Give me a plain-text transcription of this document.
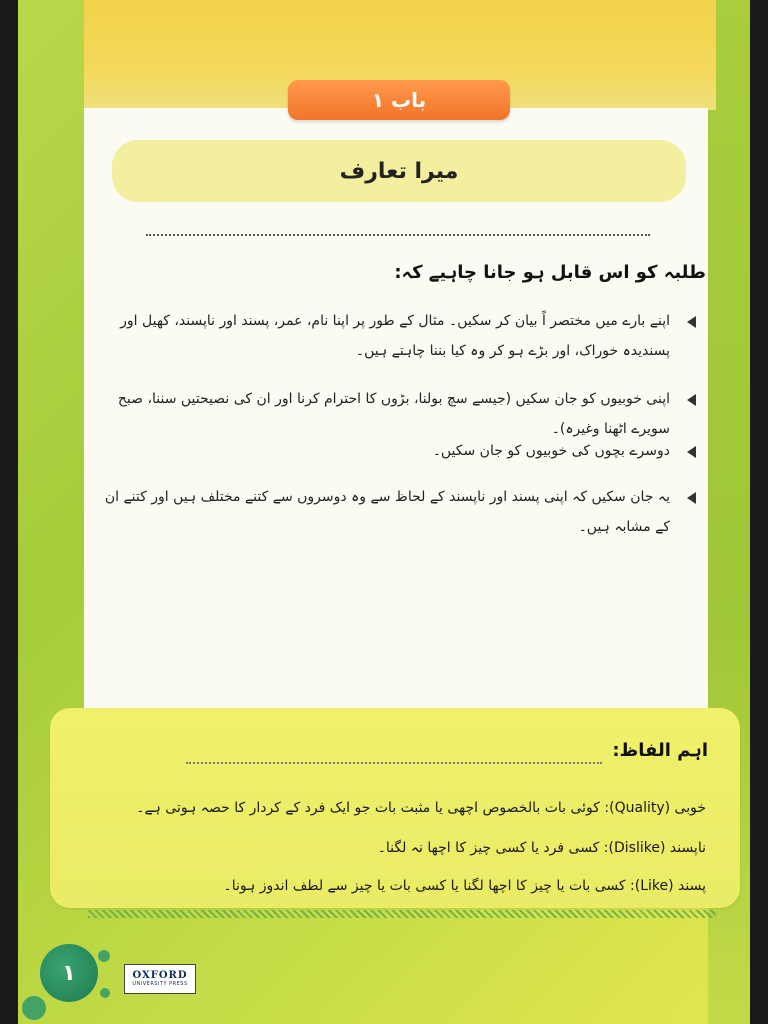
باب ۱
میرا تعارف
طلبہ کو اس قابل ہو جانا چاہیے کہ:
اپنے بارے میں مختصر اً بیان کر سکیں۔ مثال کے طور پر اپنا نام، عمر، پسند اور ناپسند، کھیل اور پسندیدہ خوراک، اور بڑے ہو کر وہ کیا بننا چاہتے ہیں۔
اپنی خوبیوں کو جان سکیں (جیسے سچ بولنا، بڑوں کا احترام کرنا اور ان کی نصیحتیں سننا، صبح سویرے اٹھنا وغیرہ)۔
دوسرے بچوں کی خوبیوں کو جان سکیں۔
یہ جان سکیں کہ اپنی پسند اور ناپسند کے لحاظ سے وہ دوسروں سے کتنے مختلف ہیں اور کتنے ان کے مشابہ ہیں۔
اہم الفاظ:
خوبی (Quality): کوئی بات بالخصوص اچھی یا مثبت بات جو ایک فرد کے کردار کا حصہ ہوتی ہے۔
ناپسند (Dislike): کسی فرد یا کسی چیز کا اچھا نہ لگنا۔
پسند (Like): کسی بات یا چیز کا اچھا لگنا یا کسی بات یا چیز سے لطف اندوز ہونا۔
۱	OXFORD
UNIVERSITY PRESS
